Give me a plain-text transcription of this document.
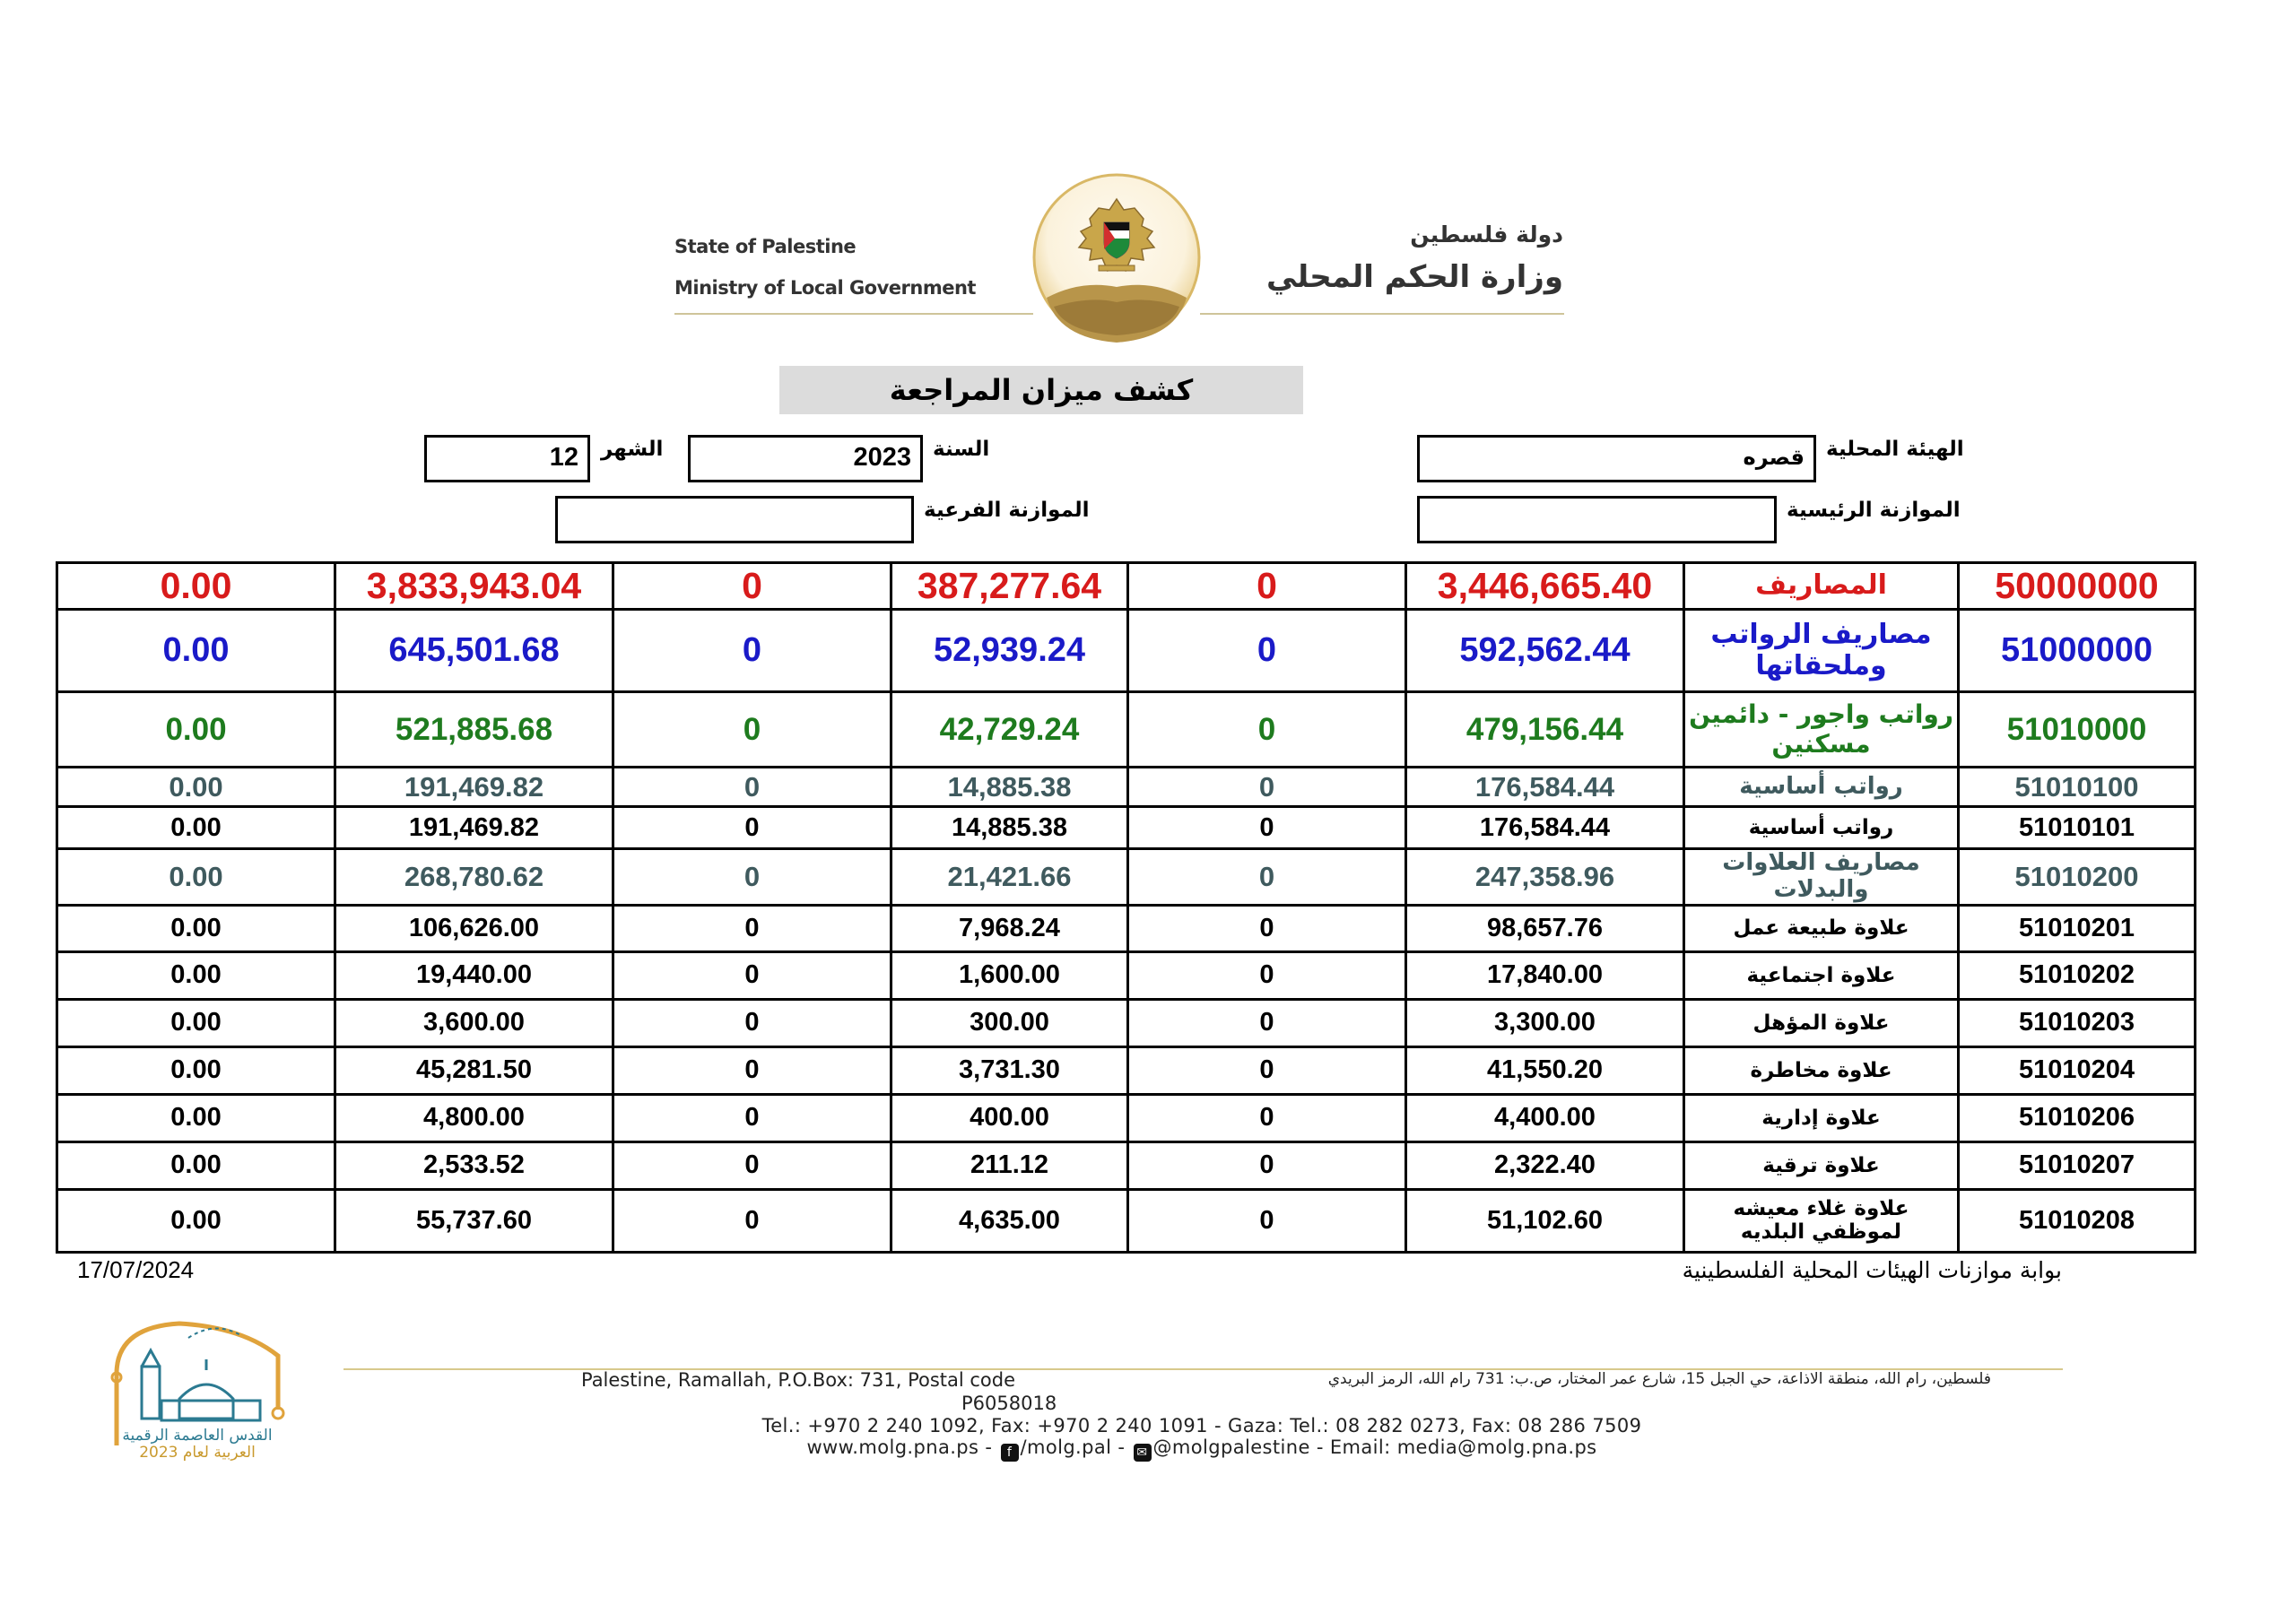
State of Palestine
Ministry of Local Government
دولة فلسطين
وزارة الحكم المحلي
كشف ميزان المراجعة
الهيئة المحلية
قصره
السنة
2023
الشهر
12
الموازنة الرئيسية
الموازنة الفرعية
50000000	المصاريف	3,446,665.40	0	387,277.64	0	3,833,943.04	0.00
51000000	مصاريف الرواتب وملحقاتها	592,562.44	0	52,939.24	0	645,501.68	0.00
51010000	رواتب واجور - دائمين مسكنين	479,156.44	0	42,729.24	0	521,885.68	0.00
51010100	رواتب أساسية	176,584.44	0	14,885.38	0	191,469.82	0.00
51010101	رواتب أساسية	176,584.44	0	14,885.38	0	191,469.82	0.00
51010200	مصاريف العلاوات والبدلات	247,358.96	0	21,421.66	0	268,780.62	0.00
51010201	علاوة طبيعة عمل	98,657.76	0	7,968.24	0	106,626.00	0.00
51010202	علاوة اجتماعية	17,840.00	0	1,600.00	0	19,440.00	0.00
51010203	علاوة المؤهل	3,300.00	0	300.00	0	3,600.00	0.00
51010204	علاوة مخاطرة	41,550.20	0	3,731.30	0	45,281.50	0.00
51010206	علاوة إدارية	4,400.00	0	400.00	0	4,800.00	0.00
51010207	علاوة ترقية	2,322.40	0	211.12	0	2,533.52	0.00
51010208	علاوة غلاء معيشه لموظفي البلديه	51,102.60	0	4,635.00	0	55,737.60	0.00
17/07/2024	بوابة موازنات الهيئات المحلية الفلسطينية
القدس العاصمة الرقمية
العربية لعام 2023
فلسطين، رام الله، منطقة الاذاعة، حي الجبل 15، شارع عمر المختار، ص.ب: 731 رام الله، الرمز البريدي
Palestine, Ramallah, P.O.Box: 731, Postal code
P6058018
Tel.: +970 2 240 1092, Fax: +970 2 240 1091 - Gaza: Tel.: 08 282 0273, Fax: 08 286 7509
www.molg.pna.ps - f /molg.pal - ✉ @molgpalestine - Email: media@molg.pna.ps
